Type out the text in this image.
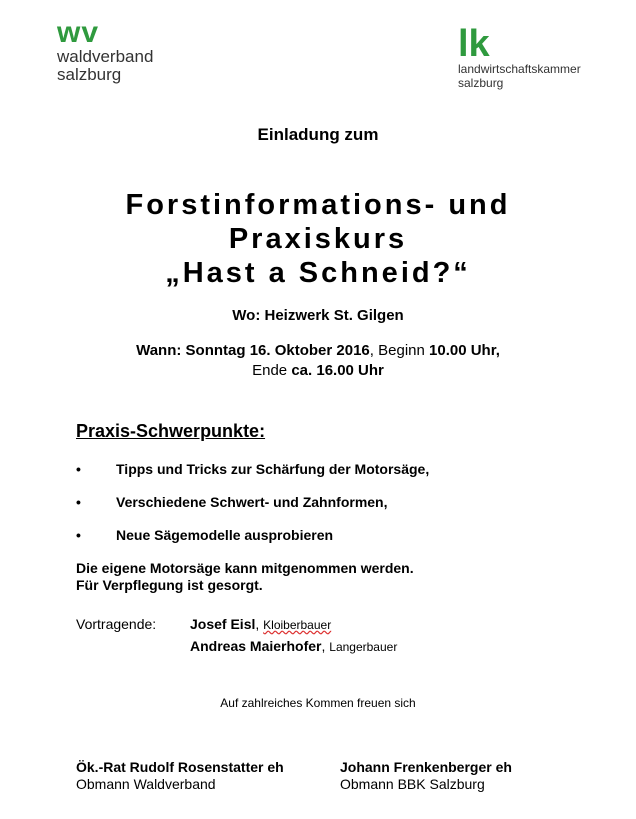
wv
waldverband
salzburg
lk
landwirtschaftskammer
salzburg
Einladung zum
Forstinformations- und
Praxiskurs
„Hast a Schneid?“
Wo: Heizwerk St. Gilgen
Wann: Sonntag 16. Oktober 2016, Beginn 10.00 Uhr,
Ende ca. 16.00 Uhr
Praxis-Schwerpunkte:
•	Tipps und Tricks zur Schärfung der Motorsäge,
•	Verschiedene Schwert- und Zahnformen,
•	Neue Sägemodelle ausprobieren
Die eigene Motorsäge kann mitgenommen werden.
Für Verpflegung ist gesorgt.
Vortragende: Josef Eisl, Kloiberbauer
Andreas Maierhofer, Langerbauer
Auf zahlreiches Kommen freuen sich
Ök.-Rat Rudolf Rosenstatter eh
Obmann Waldverband
Johann Frenkenberger eh
Obmann BBK Salzburg
